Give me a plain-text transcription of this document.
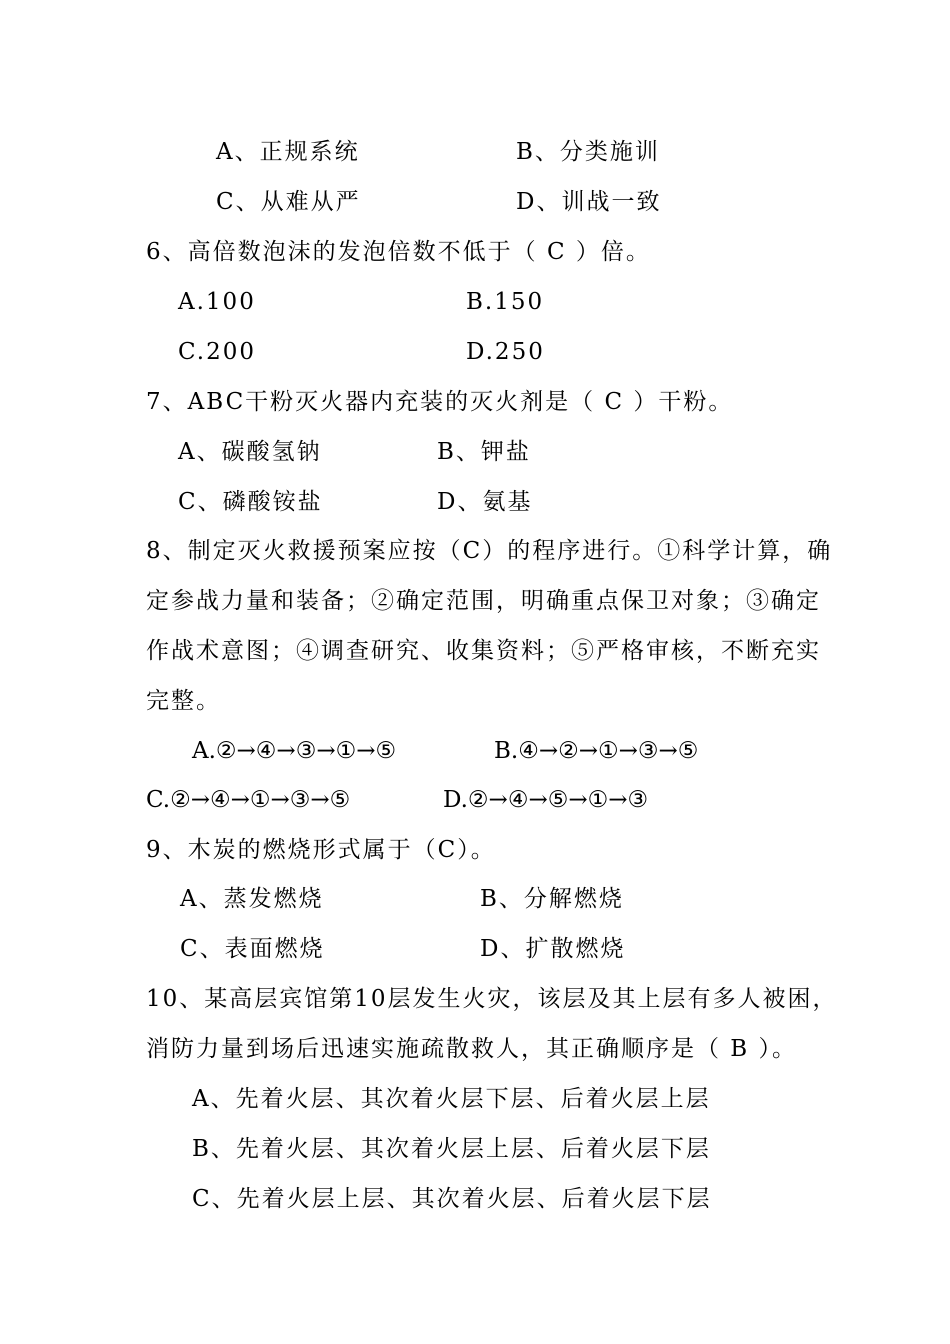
A、正规系统	B、分类施训
C、从难从严	D、训战一致
6、高倍数泡沫的发泡倍数不低于（ C ）倍。
A.100	B.150
C.200	D.250
7、ABC干粉灭火器内充装的灭火剂是（ C ）干粉。
A、碳酸氢钠	B、钾盐
C、磷酸铵盐	D、氨基
8、制定灭火救援预案应按（C）的程序进行。①科学计算，确
定参战力量和装备；②确定范围，明确重点保卫对象；③确定
作战术意图；④调查研究、收集资料；⑤严格审核，不断充实
完整。
A.②→④→③→①→⑤	B.④→②→①→③→⑤
C.②→④→①→③→⑤	D.②→④→⑤→①→③
9、木炭的燃烧形式属于（C）。
A、蒸发燃烧	B、分解燃烧
C、表面燃烧	D、扩散燃烧
10、某高层宾馆第10层发生火灾，该层及其上层有多人被困，
消防力量到场后迅速实施疏散救人，其正确顺序是（ B ）。
A、先着火层、其次着火层下层、后着火层上层
B、先着火层、其次着火层上层、后着火层下层
C、先着火层上层、其次着火层、后着火层下层
